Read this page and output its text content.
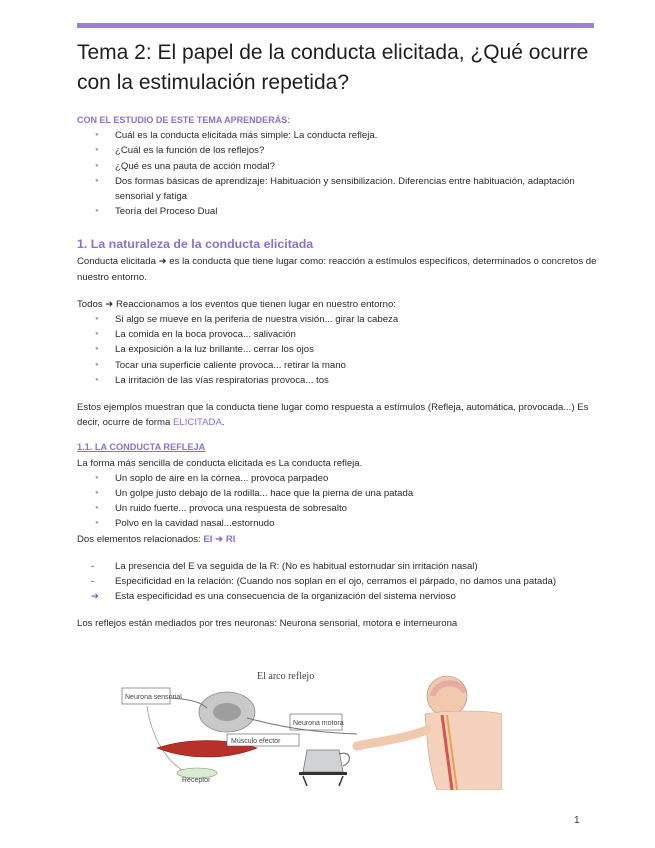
Tema 2: El papel de la conducta elicitada, ¿Qué ocurre con la estimulación repetida?
CON EL ESTUDIO DE ESTE TEMA APRENDERÁS:
● Cuál es la conducta elicitada más simple: La conducta refleja.
● ¿Cuál es la función de los reflejos?
● ¿Qué es una pauta de acción modal?
● Dos formas básicas de aprendizaje: Habituación y sensibilización. Diferencias entre habituación, adaptación sensorial y fatiga
● Teoría del Proceso Dual
1. La naturaleza de la conducta elicitada

Conducta elicitada ➜ es la conducta que tiene lugar como: reacción a estímulos específicos, determinados o concretos de nuestro entorno.

Todos ➜ Reaccionamos a los eventos que tienen lugar en nuestro entorno:

● Si algo se mueve en la periferia de nuestra visión... girar la cabeza
● La comida en la boca provoca... salivación
● La exposición a la luz brillante... cerrar los ojos
● Tocar una superficie caliente provoca... retirar la mano
● La irritación de las vías respiratorias provoca... tos

Estos ejemplos muestran que la conducta tiene lugar como respuesta a estímulos (Refleja, automática, provocada...) Es decir, ocurre de forma ELICITADA.

1.1. LA CONDUCTA REFLEJA

La forma más sencilla de conducta elicitada es La conducta refleja.

● Un soplo de aire en la córnea... provoca parpadeo
● Un golpe justo debajo de la rodilla... hace que la pierna de una patada
● Un ruido fuerte... provoca una respuesta de sobresalto
● Polvo en la cavidad nasal...estornudo

Dos elementos relacionados: EI ➜ RI

- La presencia del E va seguida de la R: (No es habitual estornudar sin irritación nasal)
- Especificidad en la relación: (Cuando nos soplan en el ojo, cerramos el párpado, no damos una patada)
➔ Esta especificidad es una consecuencia de la organización del sistema nervioso

Los reflejos están mediados por tres neuronas: Neurona sensorial, motora e interneurona

El arco reflejo
Neurona sensorial
Neurona motora
Músculo efector
Receptor
1
